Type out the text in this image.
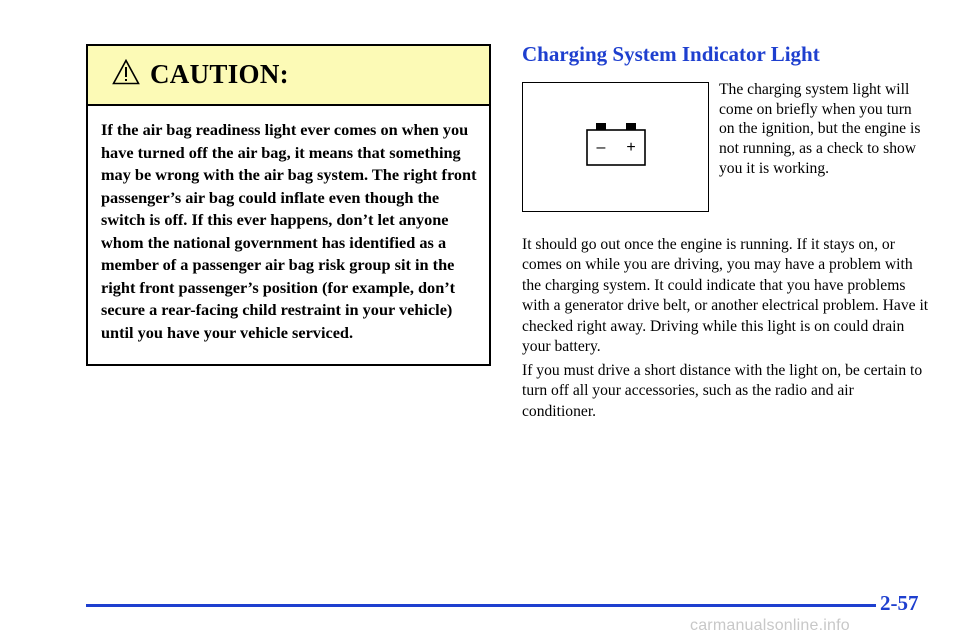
CAUTION:

If the air bag readiness light ever comes on when you have turned off the air bag, it means that something may be wrong with the air bag system. The right front passenger’s air bag could inflate even though the switch is off. If this ever happens, don’t let anyone whom the national government has identified as a member of a passenger air bag risk group sit in the right front passenger’s position (for example, don’t secure a rear-facing child restraint in your vehicle) until you have your vehicle serviced.

Charging System Indicator Light
– +

The charging system light will come on briefly when you turn on the ignition, but the engine is not running, as a check to show you it is working.

It should go out once the engine is running. If it stays on, or comes on while you are driving, you may have a problem with the charging system. It could indicate that you have problems with a generator drive belt, or another electrical problem. Have it checked right away. Driving while this light is on could drain your battery.

If you must drive a short distance with the light on, be certain to turn off all your accessories, such as the radio and air conditioner.

2-57
carmanualsonline.info
